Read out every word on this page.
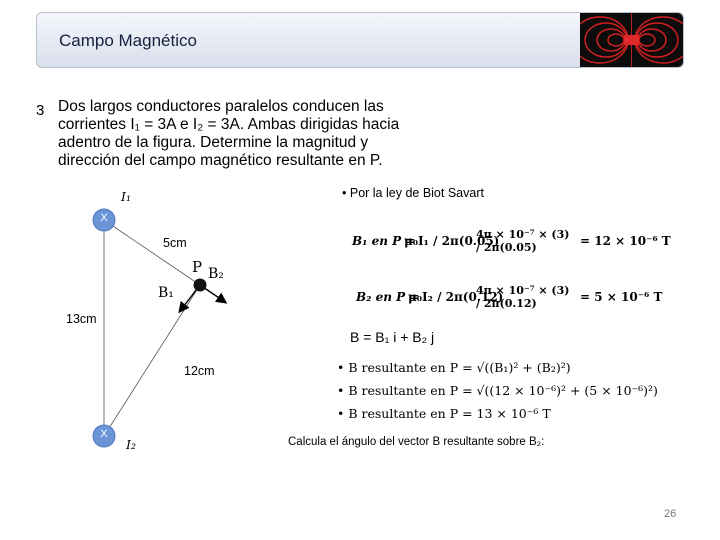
Campo Magnético
3 Dos largos conductores paralelos conducen las
corrientes I₁ = 3A e I₂ = 3A. Ambas dirigidas hacia
adentro de la figura. Determine la magnitud y
dirección del campo magnético resultante en P.
X
X
I₁
I₂
5cm
13cm
12cm
P
B₁
B₂
• Por la ley de Biot Savart
B₁ en P =
μ₀I₁ / 2π(0.05)
4π × 10⁻⁷ × (3) / 2π(0.05)	= 12 × 10⁻⁶ T
B₂ en P =
μ₀I₂ / 2π(0.12)
4π × 10⁻⁷ × (3) / 2π(0.12)	= 5 × 10⁻⁶ T
B = B₁ i + B₂ j
• B resultante en P = √((B₁)² + (B₂)²)
• B resultante en P = √((12 × 10⁻⁶)² + (5 × 10⁻⁶)²)
• B resultante en P = 13 × 10⁻⁶ T
Calcula el ángulo del vector B resultante sobre B₂:
26
